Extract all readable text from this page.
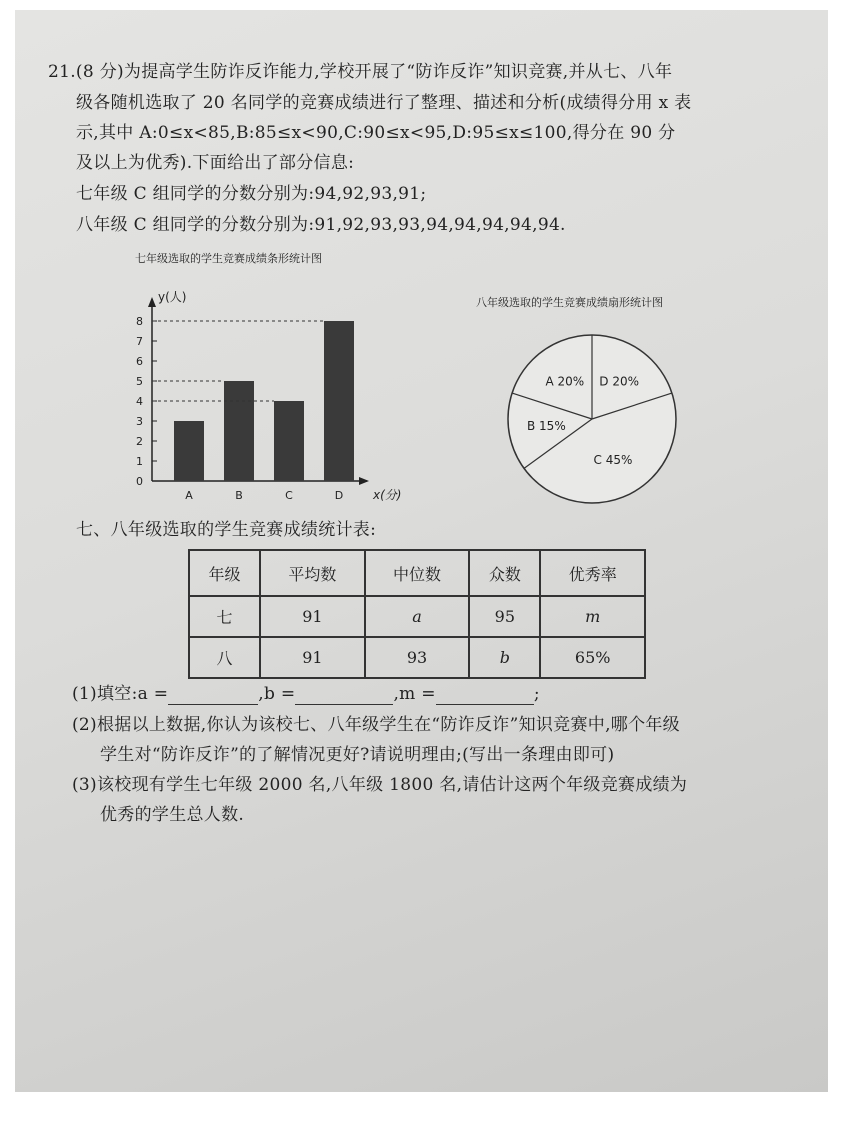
21.(8 分)为提高学生防诈反诈能力,学校开展了“防诈反诈”知识竞赛,并从七、八年
级各随机选取了 20 名同学的竞赛成绩进行了整理、描述和分析(成绩得分用 x 表
示,其中 A:0≤x<85,B:85≤x<90,C:90≤x<95,D:95≤x≤100,得分在 90 分
及以上为优秀).下面给出了部分信息:
七年级 C 组同学的分数分别为:94,92,93,91;
八年级 C 组同学的分数分别为:91,92,93,93,94,94,94,94,94.
七年级选取的学生竞赛成绩条形统计图
八年级选取的学生竞赛成绩扇形统计图
0
1
2
3
4
5
6
7
8
y(人)
x(分)
A	B	C	D
D 20%
C 45%
B 15%
A 20%
七、八年级选取的学生竞赛成绩统计表:
年级	平均数	中位数	众数	优秀率
七	91	a	95	m
八	91	93	b	65%
(1)填空:a =	,b =	,m =	;
(2)根据以上数据,你认为该校七、八年级学生在“防诈反诈”知识竞赛中,哪个年级
学生对“防诈反诈”的了解情况更好?请说明理由;(写出一条理由即可)
(3)该校现有学生七年级 2000 名,八年级 1800 名,请估计这两个年级竞赛成绩为
优秀的学生总人数.
